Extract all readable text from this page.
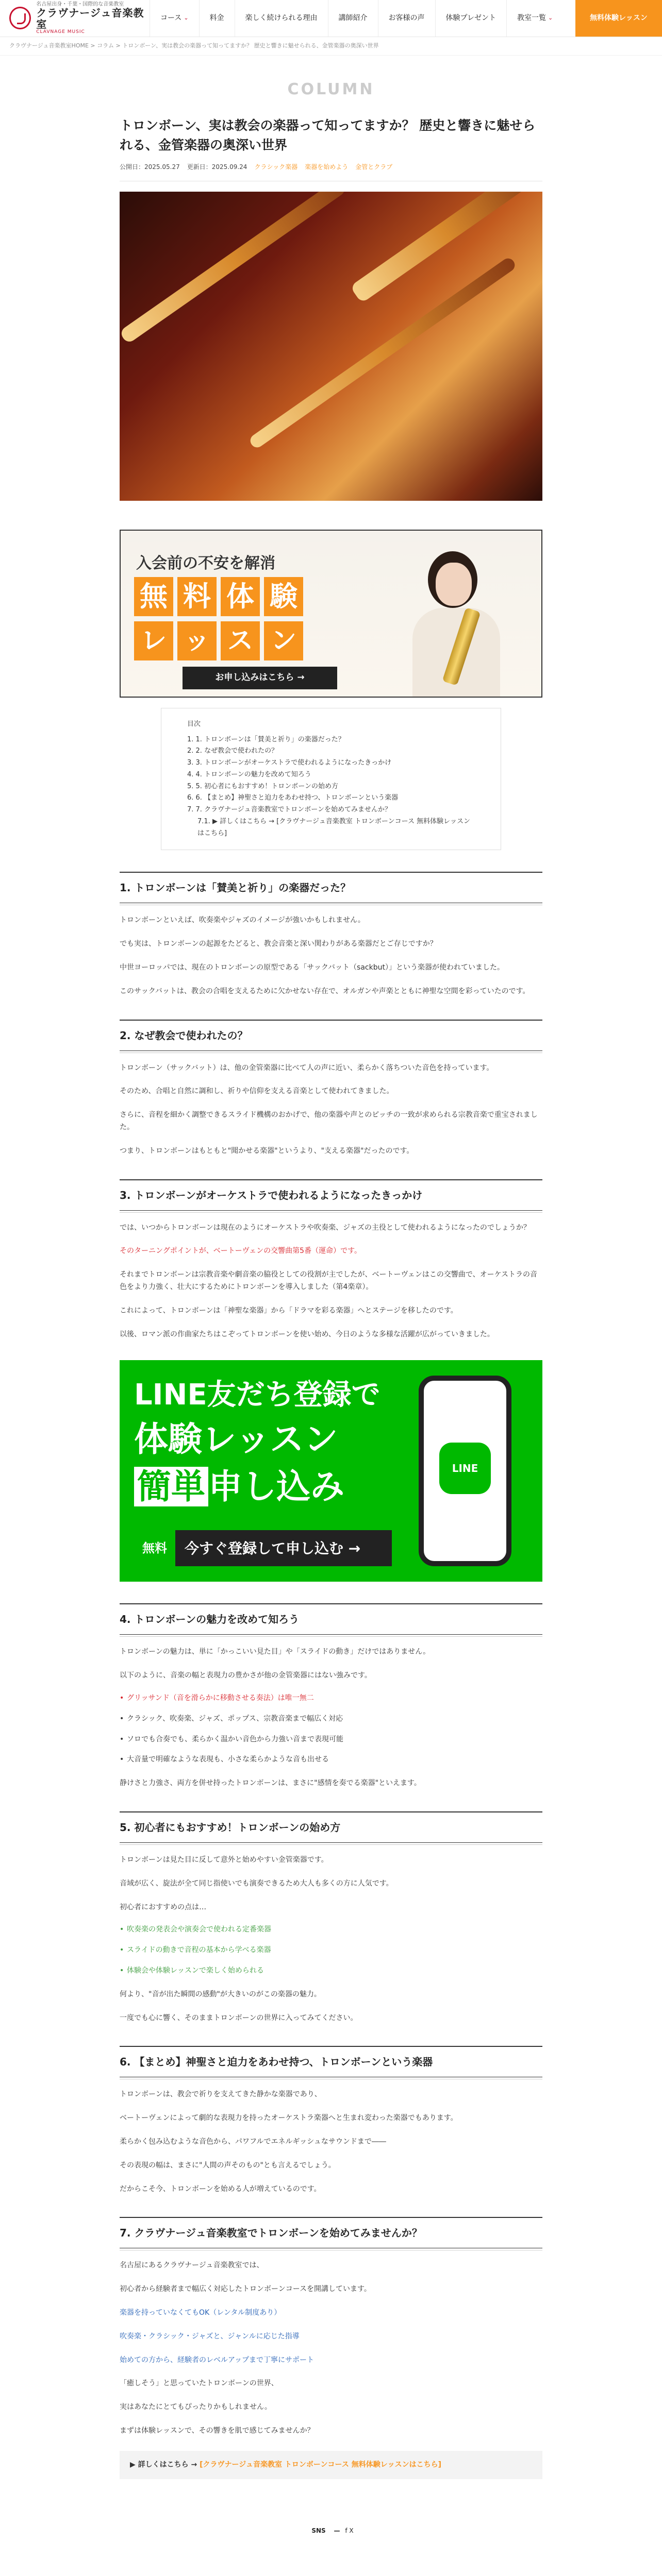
名古屋出身・千葉・国際的な音楽教室
クラヴナージュ音楽教室
CLAVNAGE MUSIC
コース ⌄	料金	楽しく続けられる理由	講師紹介	お客様の声	体験プレゼント	教室一覧 ⌄	無料体験レッスン
クラヴナージュ音楽教室HOME > コラム > トロンボーン、実は教会の楽器って知ってますか？ 歴史と響きに魅せられる、金管楽器の奥深い世界
COLUMN
トロンボーン、実は教会の楽器って知ってますか？ 歴史と響きに魅せられる、金管楽器の奥深い世界
公開日：2025.05.27 更新日：2025.09.24 クラシック楽器 楽器を始めよう 金管とクラブ
入会前の不安を解消
無 料 体 験
レ ッ ス ン
お申し込みはこちら →
目次
1. 1. トロンボーンは「賛美と祈り」の楽器だった？
2. 2. なぜ教会で使われたの？
3. 3. トロンボーンがオーケストラで使われるようになったきっかけ
4. 4. トロンボーンの魅力を改めて知ろう
5. 5. 初心者にもおすすめ！トロンボーンの始め方
6. 6. 【まとめ】神聖さと迫力をあわせ持つ、トロンボーンという楽器
7. 7. クラヴナージュ音楽教室でトロンボーンを始めてみませんか？
7.1. ▶ 詳しくはこちら → [クラヴナージュ音楽教室 トロンボーンコース 無料体験レッスンはこちら]
1. トロンボーンは「賛美と祈り」の楽器だった？

トロンボーンといえば、吹奏楽やジャズのイメージが強いかもしれません。

でも実は、トロンボーンの起源をたどると、教会音楽と深い関わりがある楽器だとご存じですか？

中世ヨーロッパでは、現在のトロンボーンの原型である「サックバット（sackbut）」という楽器が使われていました。

このサックバットは、教会の合唱を支えるために欠かせない存在で、オルガンや声楽とともに神聖な空間を彩っていたのです。

2. なぜ教会で使われたの？

トロンボーン（サックバット）は、他の金管楽器に比べて人の声に近い、柔らかく落ちついた音色を持っています。

そのため、合唱と自然に調和し、祈りや信仰を支える音楽として使われてきました。

さらに、音程を細かく調整できるスライド機構のおかげで、他の楽器や声とのピッチの一致が求められる宗教音楽で重宝されました。

つまり、トロンボーンはもともと"聞かせる楽器"というより、"支える楽器"だったのです。

3. トロンボーンがオーケストラで使われるようになったきっかけ

では、いつからトロンボーンは現在のようにオーケストラや吹奏楽、ジャズの主役として使われるようになったのでしょうか？

そのターニングポイントが、ベートーヴェンの交響曲第5番（運命）です。

それまでトロンボーンは宗教音楽や劇音楽の脇役としての役割が主でしたが、ベートーヴェンはこの交響曲で、オーケストラの音色をより力強く、壮大にするためにトロンボーンを導入しました（第4楽章）。

これによって、トロンボーンは「神聖な楽器」から「ドラマを彩る楽器」へとステージを移したのです。

以後、ロマン派の作曲家たちはこぞってトロンボーンを使い始め、今日のような多様な活躍が広がっていきました。

LINE友だち登録で
体験レッスン
簡単申し込み
無料	今すぐ登録して申し込む →
LINE
4. トロンボーンの魅力を改めて知ろう

トロンボーンの魅力は、単に「かっこいい見た目」や「スライドの動き」だけではありません。

以下のように、音楽の幅と表現力の豊かさが他の金管楽器にはない強みです。

• グリッサンド（音を滑らかに移動させる奏法）は唯一無二
• クラシック、吹奏楽、ジャズ、ポップス、宗教音楽まで幅広く対応
• ソロでも合奏でも、柔らかく温かい音色から力強い音まで表現可能
• 大音量で明確なような表現も、小さな柔らかような音も出せる

静けさと力強さ、両方を併せ持ったトロンボーンは、まさに"感情を奏でる楽器"といえます。

5. 初心者にもおすすめ！トロンボーンの始め方

トロンボーンは見た目に反して意外と始めやすい金管楽器です。

音域が広く、旋法が全て同じ指使いでも演奏できるため大人も多くの方に人気です。

初心者におすすめの点は…

• 吹奏楽の発表会や演奏会で使われる定番楽器
• スライドの動きで音程の基本から学べる楽器
• 体験会や体験レッスンで楽しく始められる

何より、"音が出た瞬間の感動"が大きいのがこの楽器の魅力。

一度でも心に響く、そのままトロンボーンの世界に入ってみてください。

6. 【まとめ】神聖さと迫力をあわせ持つ、トロンボーンという楽器

トロンボーンは、教会で祈りを支えてきた静かな楽器であり、

ベートーヴェンによって劇的な表現力を持ったオーケストラ楽器へと生まれ変わった楽器でもあります。

柔らかく包み込むような音色から、パワフルでエネルギッシュなサウンドまで――

その表現の幅は、まさに"人間の声そのもの"とも言えるでしょう。

だからこそ今、トロンボーンを始める人が増えているのです。

7. クラヴナージュ音楽教室でトロンボーンを始めてみませんか？

名古屋にあるクラヴナージュ音楽教室では、

初心者から経験者まで幅広く対応したトロンボーンコースを開講しています。

楽器を持っていなくてもOK（レンタル制度あり）

吹奏楽・クラシック・ジャズと、ジャンルに応じた指導

始めての方から、経験者のレベルアップまで丁寧にサポート

「癒しそう」と思っていたトロンボーンの世界、

実はあなたにとてもぴったりかもしれません。

まずは体験レッスンで、その響きを肌で感じてみませんか？

▶ 詳しくはこちら → [クラヴナージュ音楽教室 トロンボーンコース 無料体験レッスンはこちら]
SNS — f X
